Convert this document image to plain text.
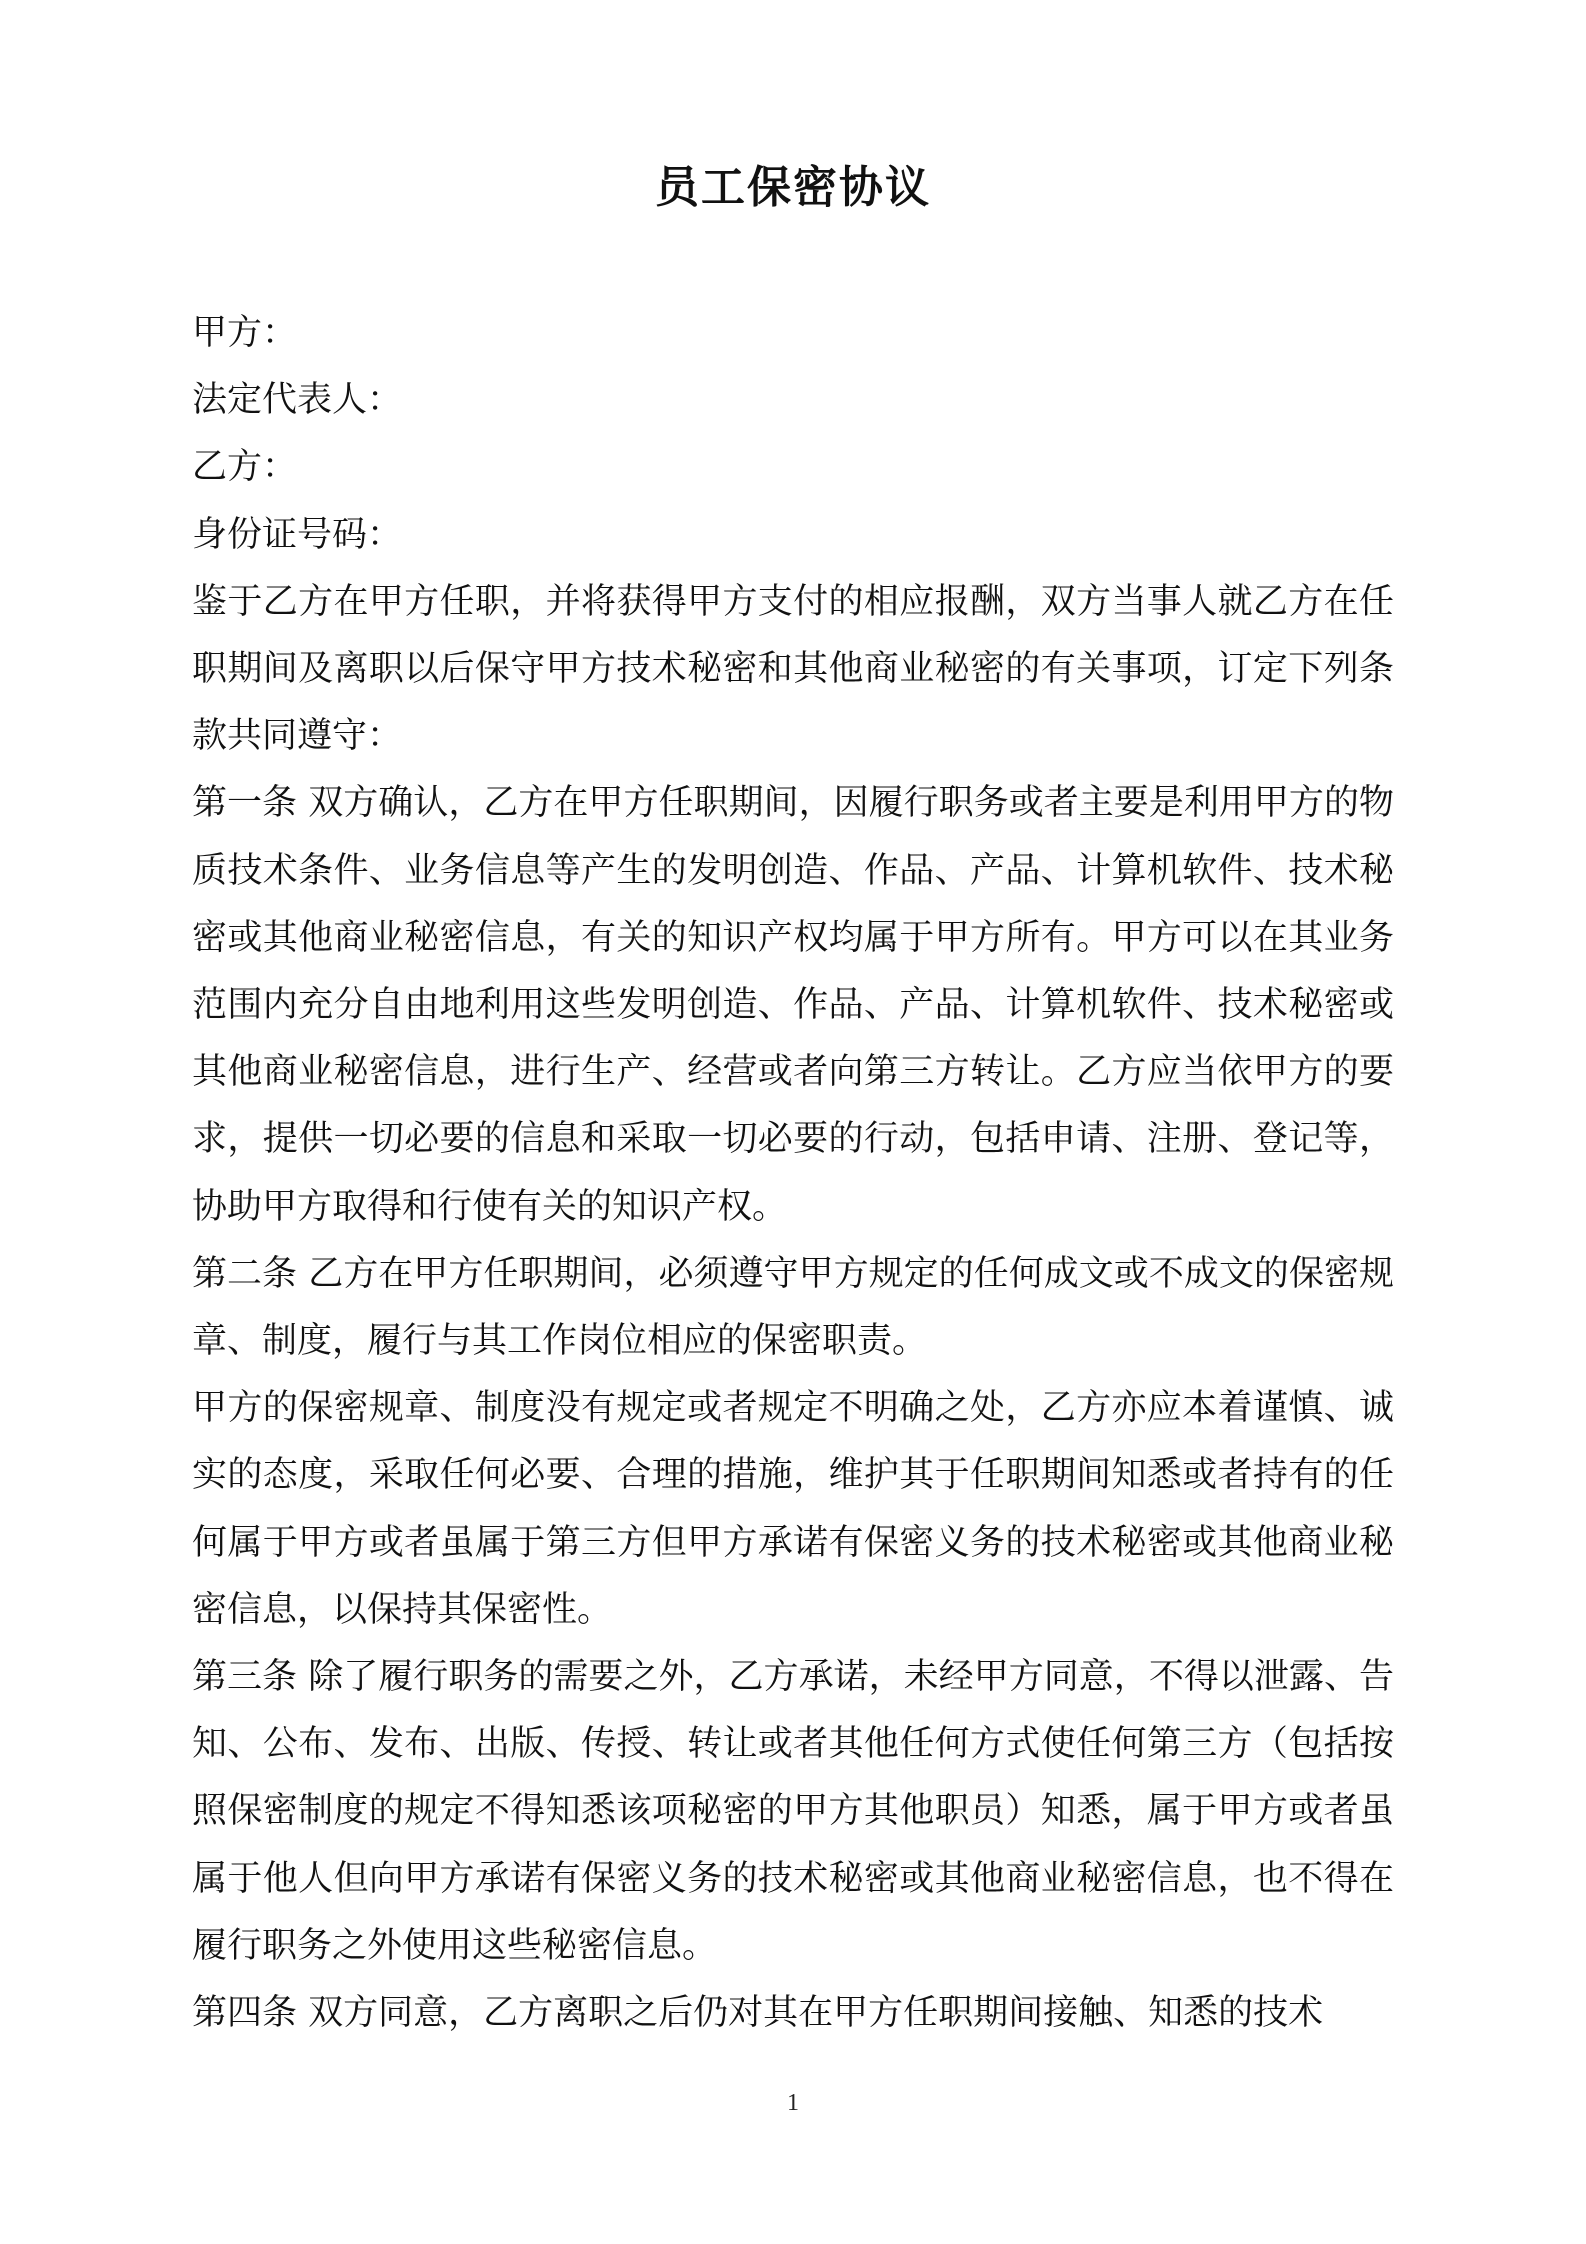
员工保密协议

甲方：

法定代表人：

乙方：

身份证号码：

鉴于乙方在甲方任职，并将获得甲方支付的相应报酬，双方当事人就乙方在任职期间及离职以后保守甲方技术秘密和其他商业秘密的有关事项，订定下列条款共同遵守：

第一条 双方确认，乙方在甲方任职期间，因履行职务或者主要是利用甲方的物质技术条件、业务信息等产生的发明创造、作品、产品、计算机软件、技术秘密或其他商业秘密信息，有关的知识产权均属于甲方所有。甲方可以在其业务范围内充分自由地利用这些发明创造、作品、产品、计算机软件、技术秘密或其他商业秘密信息，进行生产、经营或者向第三方转让。乙方应当依甲方的要求，提供一切必要的信息和采取一切必要的行动，包括申请、注册、登记等，协助甲方取得和行使有关的知识产权。

第二条 乙方在甲方任职期间，必须遵守甲方规定的任何成文或不成文的保密规章、制度，履行与其工作岗位相应的保密职责。

甲方的保密规章、制度没有规定或者规定不明确之处，乙方亦应本着谨慎、诚实的态度，采取任何必要、合理的措施，维护其于任职期间知悉或者持有的任何属于甲方或者虽属于第三方但甲方承诺有保密义务的技术秘密或其他商业秘密信息，以保持其保密性。

第三条 除了履行职务的需要之外，乙方承诺，未经甲方同意，不得以泄露、告知、公布、发布、出版、传授、转让或者其他任何方式使任何第三方（包括按照保密制度的规定不得知悉该项秘密的甲方其他职员）知悉，属于甲方或者虽属于他人但向甲方承诺有保密义务的技术秘密或其他商业秘密信息，也不得在履行职务之外使用这些秘密信息。

第四条 双方同意，乙方离职之后仍对其在甲方任职期间接触、知悉的技术

1
